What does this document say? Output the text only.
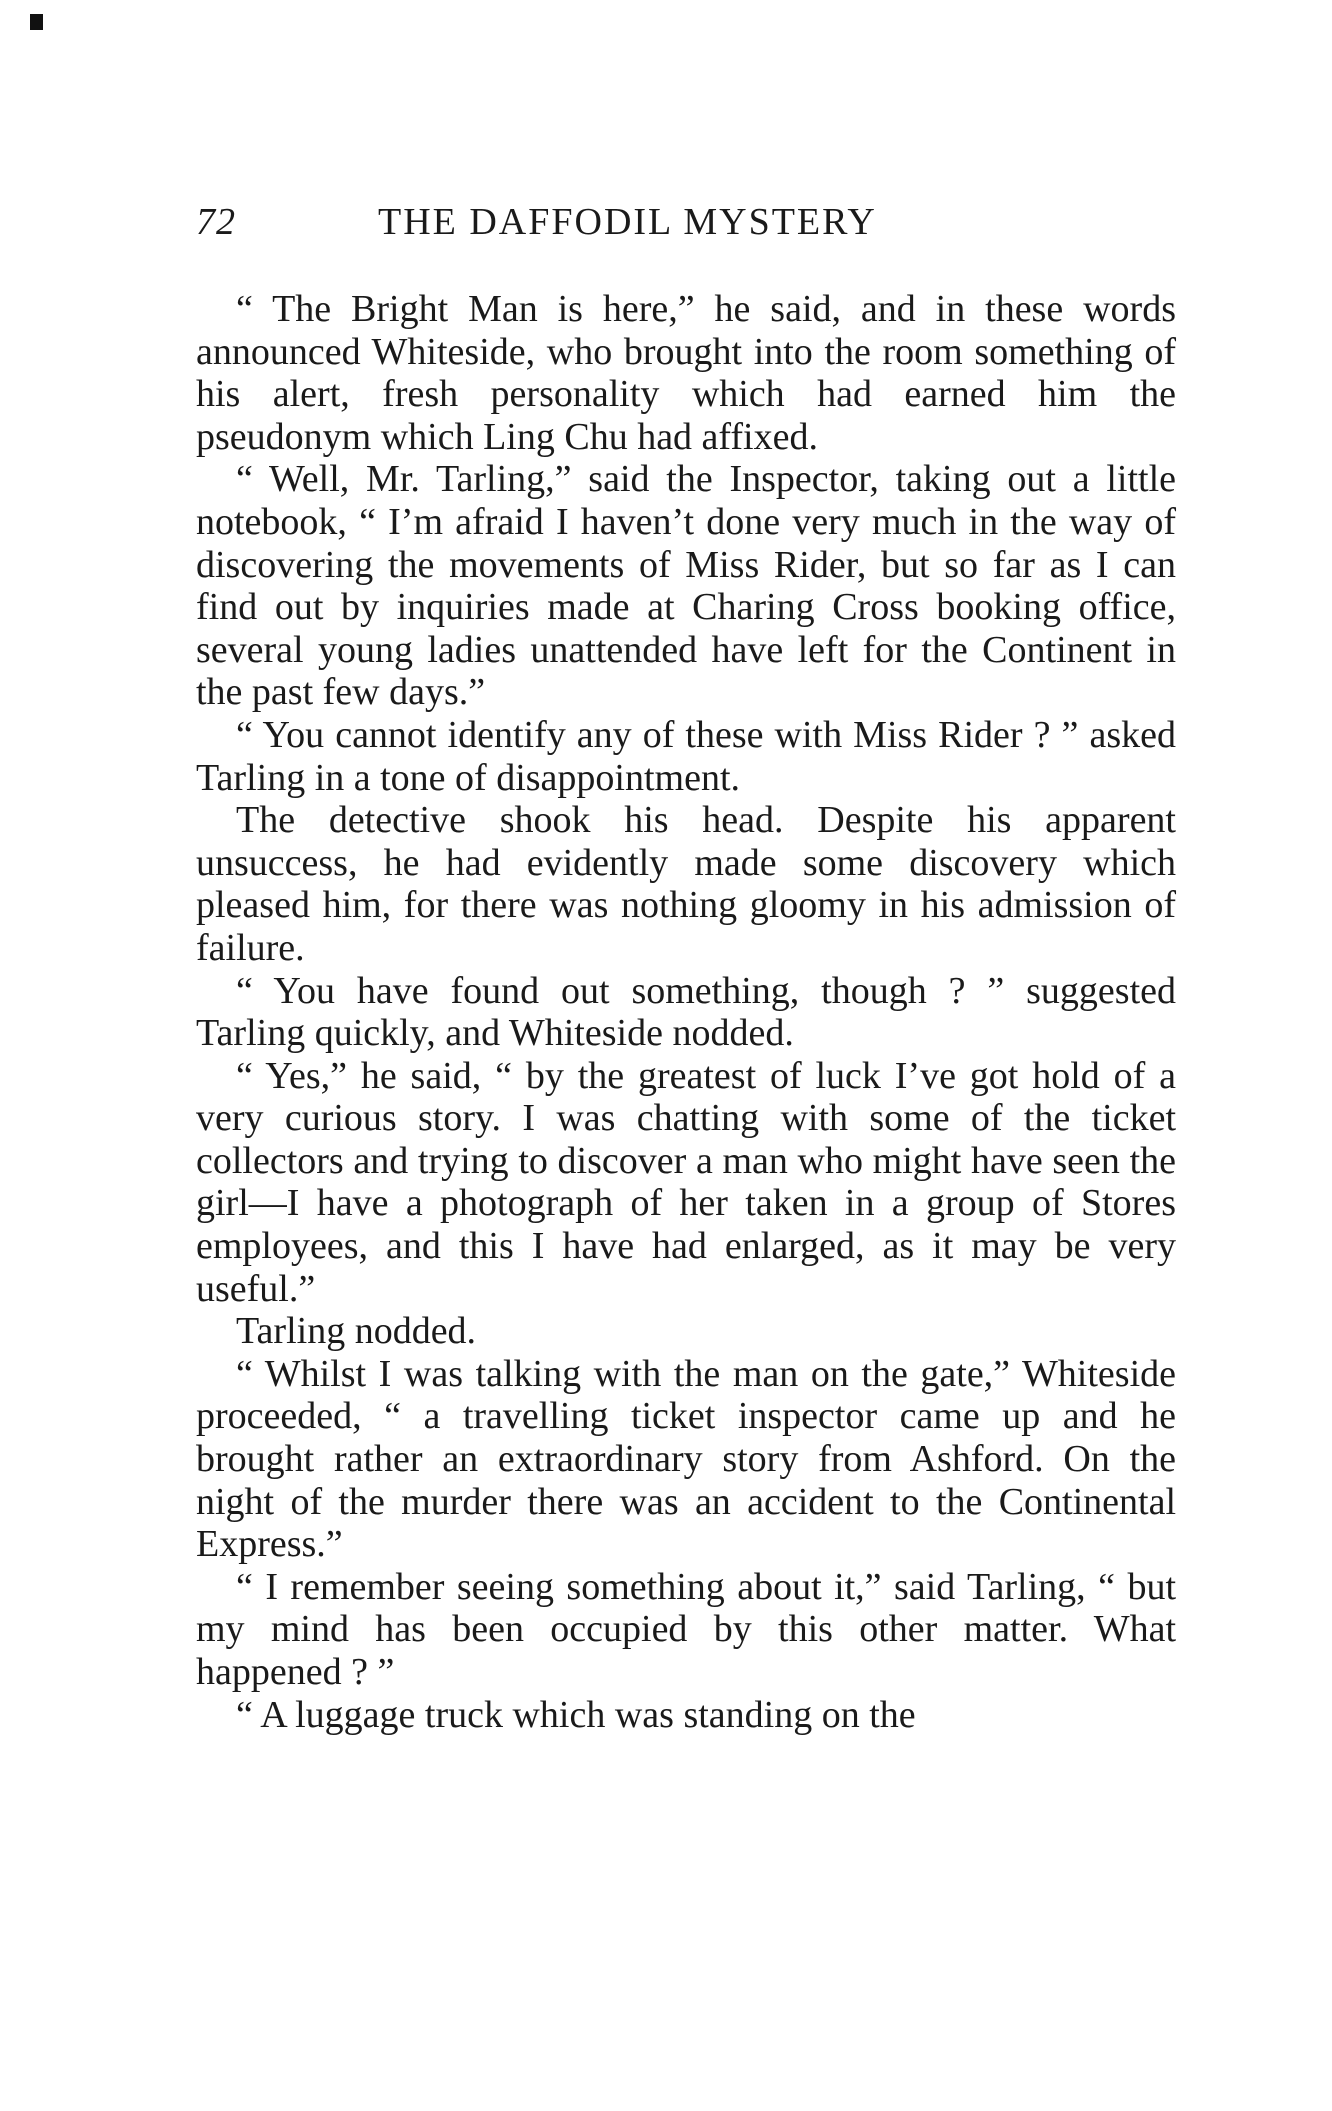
72	THE DAFFODIL MYSTERY

“ The Bright Man is here,” he said, and in these words announced Whiteside, who brought into the room something of his alert, fresh personality which had earned him the pseudonym which Ling Chu had affixed.

“ Well, Mr. Tarling,” said the Inspector, taking out a little notebook, “ I’m afraid I haven’t done very much in the way of discovering the movements of Miss Rider, but so far as I can find out by inquiries made at Charing Cross booking office, several young ladies unattended have left for the Continent in the past few days.”

“ You cannot identify any of these with Miss Rider ? ” asked Tarling in a tone of disappointment.

The detective shook his head. Despite his apparent unsuccess, he had evidently made some discovery which pleased him, for there was nothing gloomy in his admission of failure.

“ You have found out something, though ? ” suggested Tarling quickly, and Whiteside nodded.

“ Yes,” he said, “ by the greatest of luck I’ve got hold of a very curious story. I was chatting with some of the ticket collectors and trying to discover a man who might have seen the girl—I have a photograph of her taken in a group of Stores employees, and this I have had enlarged, as it may be very useful.”

Tarling nodded.

“ Whilst I was talking with the man on the gate,” Whiteside proceeded, “ a travelling ticket inspector came up and he brought rather an extraordinary story from Ashford. On the night of the murder there was an accident to the Continental Express.”

“ I remember seeing something about it,” said Tarling, “ but my mind has been occupied by this other matter. What happened ? ”

“ A luggage truck which was standing on the
